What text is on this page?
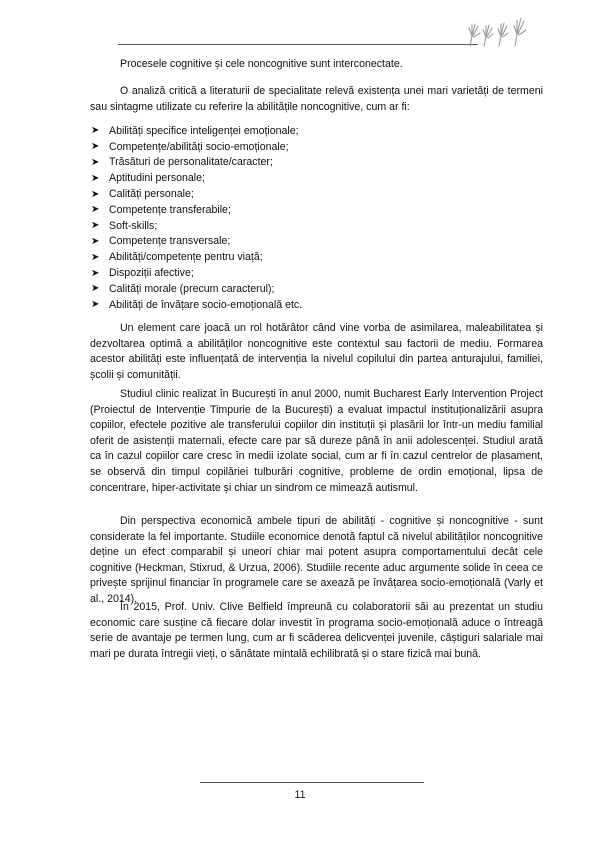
Procesele cognitive și cele noncognitive sunt interconectate.

O analiză critică a literaturii de specialitate relevă existența unei mari varietăți de termeni sau sintagme utilizate cu referire la abilitățile noncognitive, cum ar fi:

➤ Abilități specifice inteligenței emoționale;
➤ Competențe/abilități socio-emoționale;
➤ Trăsături de personalitate/caracter;
➤ Aptitudini personale;
➤ Calități personale;
➤ Competențe transferabile;
➤ Soft-skills;
➤ Competențe transversale;
➤ Abilități/competențe pentru viață;
➤ Dispoziții afective;
➤ Calități morale (precum caracterul);
➤ Abilități de învățare socio-emoțională etc.

Un element care joacă un rol hotărâtor când vine vorba de asimilarea, maleabilitatea și dezvoltarea optimă a abilităților noncognitive este contextul sau factorii de mediu. Formarea acestor abilități este influențată de intervenția la nivelul copilului din partea anturajului, familiei, școlii și comunității.

Studiul clinic realizat în București în anul 2000, numit Bucharest Early Intervention Project (Proiectul de Intervenție Timpurie de la București) a evaluat impactul instituționalizării asupra copiilor, efectele pozitive ale transferului copiilor din instituții și plasării lor într-un mediu familial oferit de asistenții maternali, efecte care par să dureze până în anii adolescenței. Studiul arată ca în cazul copiilor care cresc în medii izolate social, cum ar fi în cazul centrelor de plasament, se observă din timpul copilăriei tulburări cognitive, probleme de ordin emoțional, lipsa de concentrare, hiper-activitate și chiar un sindrom ce mimează autismul.

Din perspectiva economică ambele tipuri de abilități - cognitive și noncognitive - sunt considerate la fel importante. Studiile economice denotă faptul că nivelul abilităților noncognitive deține un efect comparabil și uneori chiar mai potent asupra comportamentului decât cele cognitive (Heckman, Stixrud, & Urzua, 2006). Studiile recente aduc argumente solide în ceea ce privește sprijinul financiar în programele care se axează pe învățarea socio-emoțională (Varly et al., 2014).

În 2015, Prof. Univ. Clive Belfield împreună cu colaboratorii săi au prezentat un studiu economic care susține că fiecare dolar investit în programa socio-emoțională aduce o întreagă serie de avantaje pe termen lung, cum ar fi scăderea delicvenței juvenile, câștiguri salariale mai mari pe durata întregii vieți, o sănătate mintală echilibrată și o stare fizică mai bună.

11
